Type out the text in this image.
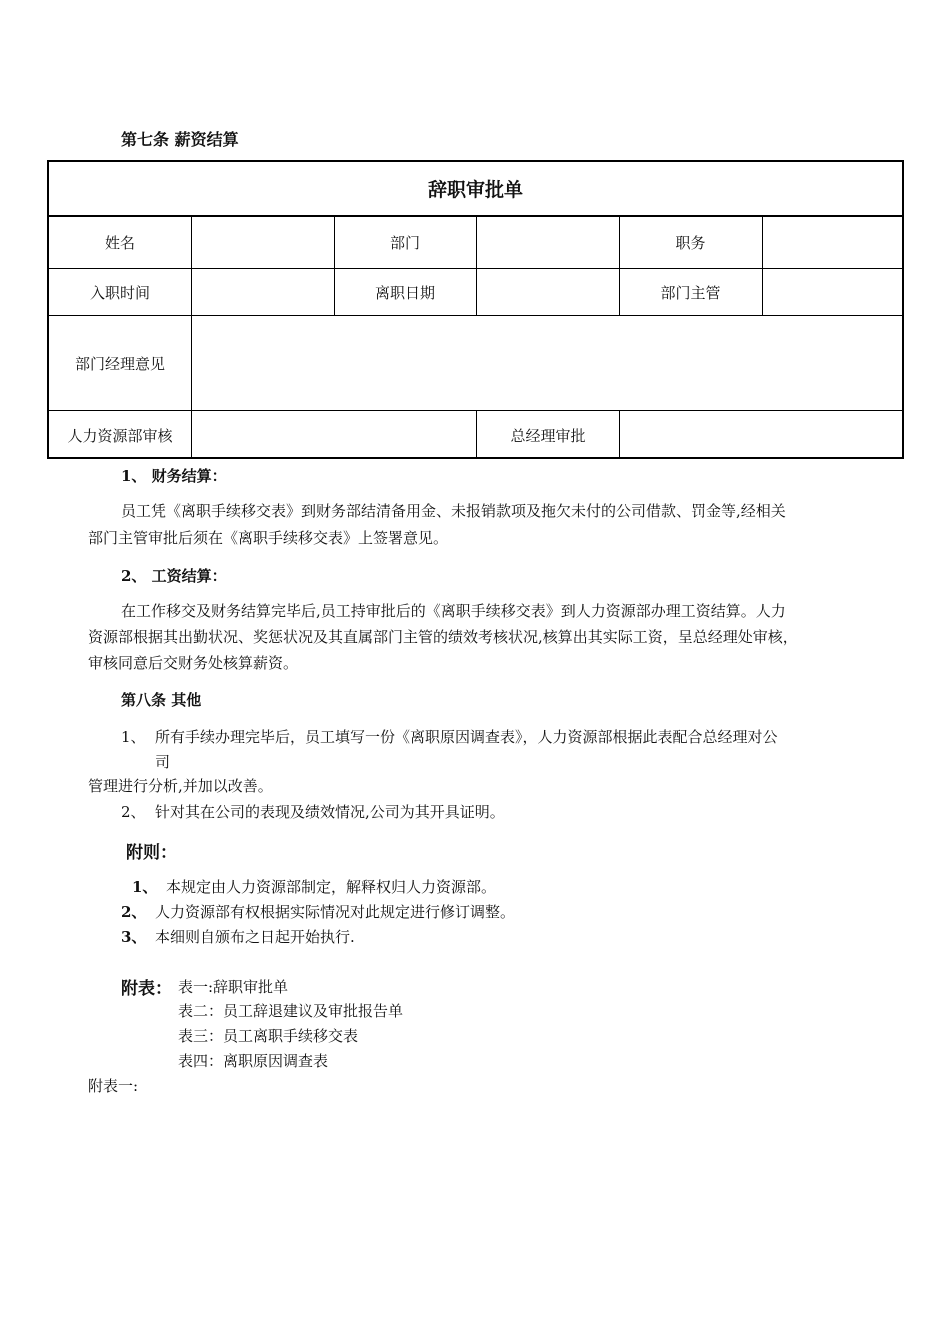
第七条 薪资结算
辞职审批单
姓名	部门	职务
入职时间	离职日期	部门主管
部门经理意见
人力资源部审核	总经理审批
1、 财务结算：
员工凭《离职手续移交表》到财务部结清备用金、未报销款项及拖欠未付的公司借款、罚金等,经相关
部门主管审批后须在《离职手续移交表》上签署意见。
2、 工资结算：
在工作移交及财务结算完毕后,员工持审批后的《离职手续移交表》到人力资源部办理工资结算。人力
资源部根据其出勤状况、奖惩状况及其直属部门主管的绩效考核状况,核算出其实际工资，呈总经理处审核，
审核同意后交财务处核算薪资。
第八条 其他
1、 所有手续办理完毕后，员工填写一份《离职原因调查表》，人力资源部根据此表配合总经理对公
司
管理进行分析,并加以改善。
2、 针对其在公司的表现及绩效情况,公司为其开具证明。
附则：
1、 本规定由人力资源部制定，解释权归人力资源部。
2、 人力资源部有权根据实际情况对此规定进行修订调整。
3、 本细则自颁布之日起开始执行.
附表： 表一:辞职审批单
表二：员工辞退建议及审批报告单
表三：员工离职手续移交表
表四：离职原因调查表
附表一:
